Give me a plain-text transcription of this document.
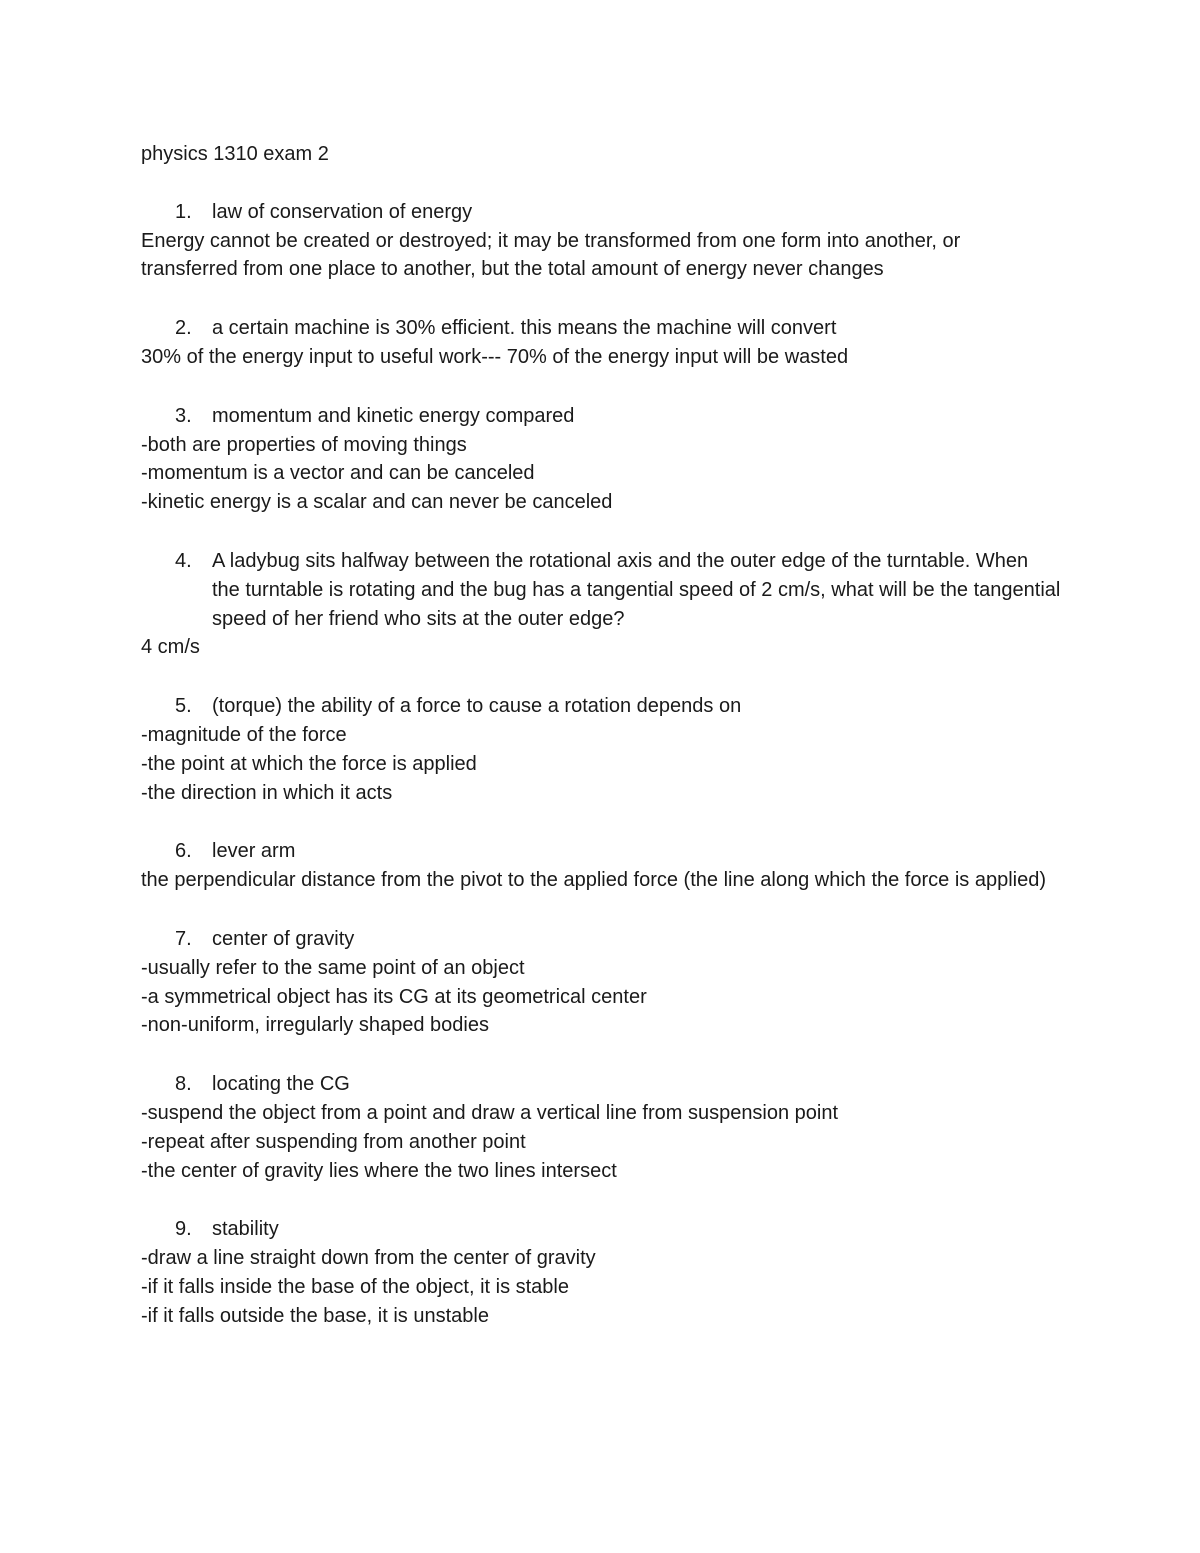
physics 1310 exam 2
1. law of conservation of energy
Energy cannot be created or destroyed; it may be transformed from one form into another, or transferred from one place to another, but the total amount of energy never changes
2. a certain machine is 30% efficient. this means the machine will convert
30% of the energy input to useful work--- 70% of the energy input will be wasted
3. momentum and kinetic energy compared
-both are properties of moving things
-momentum is a vector and can be canceled
-kinetic energy is a scalar and can never be canceled
4. A ladybug sits halfway between the rotational axis and the outer edge of the turntable. When the turntable is rotating and the bug has a tangential speed of 2 cm/s, what will be the tangential speed of her friend who sits at the outer edge?
4 cm/s
5. (torque) the ability of a force to cause a rotation depends on
-magnitude of the force
-the point at which the force is applied
-the direction in which it acts
6. lever arm
the perpendicular distance from the pivot to the applied force (the line along which the force is applied)
7. center of gravity
-usually refer to the same point of an object
-a symmetrical object has its CG at its geometrical center
-non-uniform, irregularly shaped bodies
8. locating the CG
-suspend the object from a point and draw a vertical line from suspension point
-repeat after suspending from another point
-the center of gravity lies where the two lines intersect
9. stability
-draw a line straight down from the center of gravity
-if it falls inside the base of the object, it is stable
-if it falls outside the base, it is unstable
